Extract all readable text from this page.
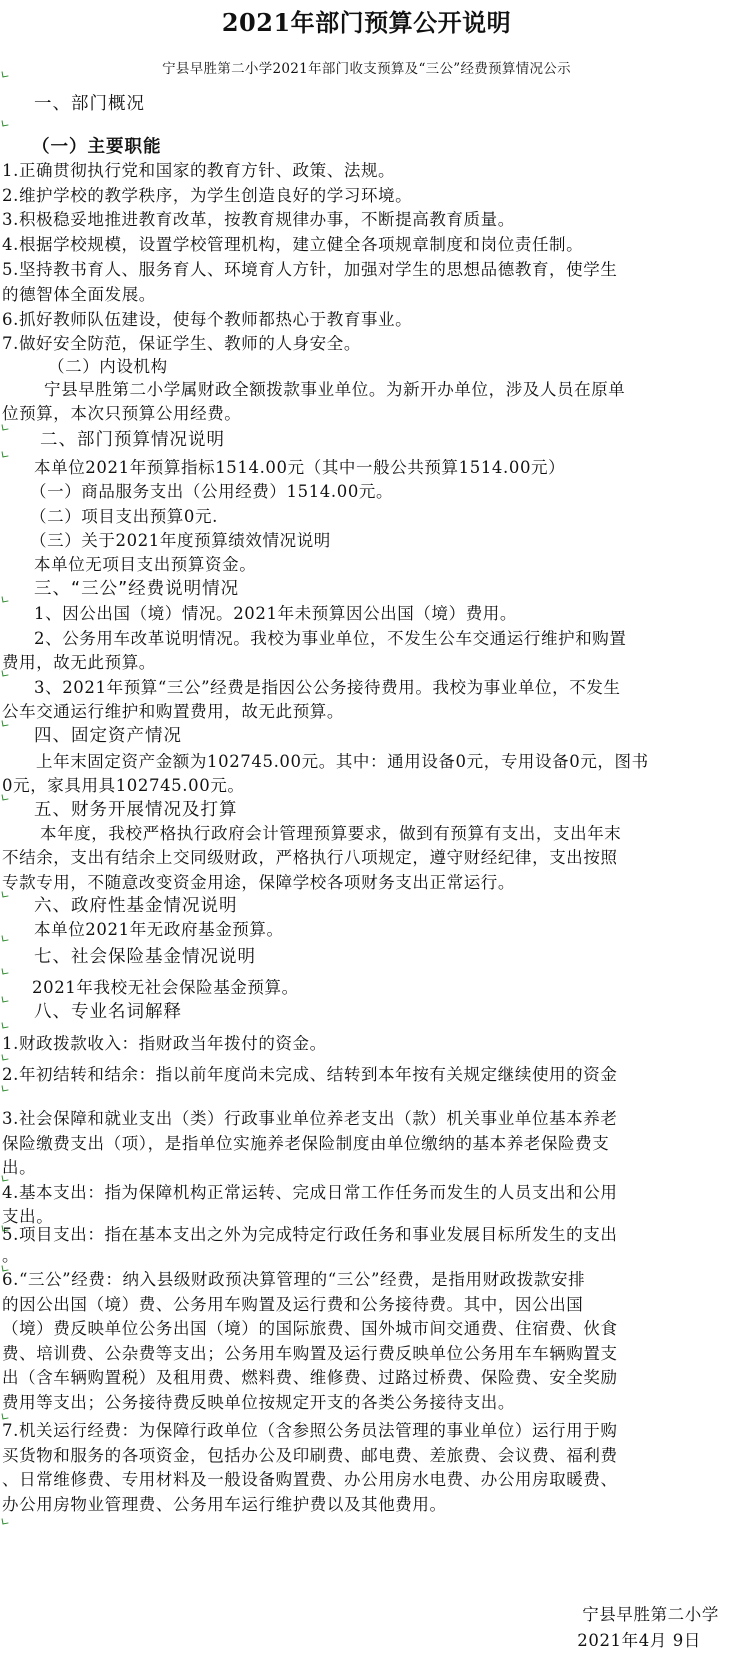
2021年部门预算公开说明
宁县早胜第二小学2021年部门收支预算及“三公”经费预算情况公示
一、部门概况
（一）主要职能
1.正确贯彻执行党和国家的教育方针、政策、法规。
2.维护学校的教学秩序，为学生创造良好的学习环境。
3.积极稳妥地推进教育改革，按教育规律办事，不断提高教育质量。
4.根据学校规模，设置学校管理机构，建立健全各项规章制度和岗位责任制。
5.坚持教书育人、服务育人、环境育人方针，加强对学生的思想品德教育，使学生
的德智体全面发展。
6.抓好教师队伍建设，使每个教师都热心于教育事业。
7.做好安全防范，保证学生、教师的人身安全。
（二）内设机构
宁县早胜第二小学属财政全额拨款事业单位。为新开办单位，涉及人员在原单
位预算，本次只预算公用经费。
二、部门预算情况说明
本单位2021年预算指标1514.00元（其中一般公共预算1514.00元）
（一）商品服务支出（公用经费）1514.00元。
（二）项目支出预算0元.
（三）关于2021年度预算绩效情况说明
本单位无项目支出预算资金。
三、“三公”经费说明情况
1、因公出国（境）情况。2021年未预算因公出国（境）费用。
2、公务用车改革说明情况。我校为事业单位，不发生公车交通运行维护和购置
费用，故无此预算。
3、2021年预算“三公”经费是指因公公务接待费用。我校为事业单位，不发生
公车交通运行维护和购置费用，故无此预算。
四、固定资产情况
上年末固定资产金额为102745.00元。其中：通用设备0元，专用设备0元，图书
0元，家具用具102745.00元。
五、财务开展情况及打算
本年度，我校严格执行政府会计管理预算要求，做到有预算有支出，支出年末
不结余，支出有结余上交同级财政，严格执行八项规定，遵守财经纪律，支出按照
专款专用，不随意改变资金用途，保障学校各项财务支出正常运行。
六、政府性基金情况说明
本单位2021年无政府基金预算。
七、社会保险基金情况说明
2021年我校无社会保险基金预算。
八、专业名词解释
1.财政拨款收入：指财政当年拨付的资金。
2.年初结转和结余：指以前年度尚未完成、结转到本年按有关规定继续使用的资金
3.社会保障和就业支出（类）行政事业单位养老支出（款）机关事业单位基本养老
保险缴费支出（项），是指单位实施养老保险制度由单位缴纳的基本养老保险费支
出。
4.基本支出：指为保障机构正常运转、完成日常工作任务而发生的人员支出和公用
支出。
5.项目支出：指在基本支出之外为完成特定行政任务和事业发展目标所发生的支出
。
6.“三公”经费：纳入县级财政预决算管理的“三公”经费，是指用财政拨款安排
的因公出国（境）费、公务用车购置及运行费和公务接待费。其中，因公出国
（境）费反映单位公务出国（境）的国际旅费、国外城市间交通费、住宿费、伙食
费、培训费、公杂费等支出；公务用车购置及运行费反映单位公务用车车辆购置支
出（含车辆购置税）及租用费、燃料费、维修费、过路过桥费、保险费、安全奖励
费用等支出；公务接待费反映单位按规定开支的各类公务接待支出。
7.机关运行经费：为保障行政单位（含参照公务员法管理的事业单位）运行用于购
买货物和服务的各项资金，包括办公及印刷费、邮电费、差旅费、会议费、福利费
、日常维修费、专用材料及一般设备购置费、办公用房水电费、办公用房取暖费、
办公用房物业管理费、公务用车运行维护费以及其他费用。
宁县早胜第二小学
2021年4月 9日
